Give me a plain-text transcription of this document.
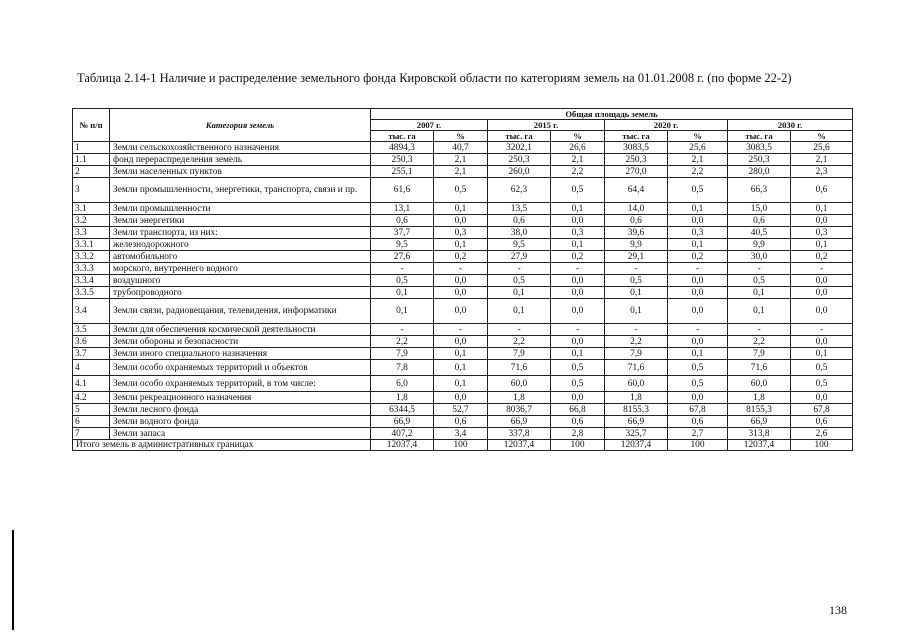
Таблица 2.14-1 Наличие и распределение земельного фонда Кировской области по категориям земель на 01.01.2008 г. (по форме 22-2)
№ п/п	Категория земель	Общая площадь земель							
		2007 г.		2015 г.		2020 г.		2030 г.	
		тыс. га	%	тыс. га	%	тыс. га	%	тыс. га	%
1	Земли сельскохозяйственного назначения	4894,3	40,7	3202,1	26,6	3083,5	25,6	3083,5	25,6
1.1	фонд перераспределения земель	250,3	2,1	250,3	2,1	250,3	2,1	250,3	2,1
2	Земли населенных пунктов	255,1	2,1	260,0	2,2	270,0	2,2	280,0	2,3
3	Земли промышленности, энергетики, транспорта, связи и пр.	61,6	0,5	62,3	0,5	64,4	0,5	66,3	0,6
3.1	Земли промышленности	13,1	0,1	13,5	0,1	14,0	0,1	15,0	0,1
3.2	Земли энергетики	0,6	0,0	0,6	0,0	0,6	0,0	0,6	0,0
3.3	Земли транспорта, из них:	37,7	0,3	38,0	0,3	39,6	0,3	40,5	0,3
3.3.1	железнодорожного	9,5	0,1	9,5	0,1	9,9	0,1	9,9	0,1
3.3.2	автомобильного	27,6	0,2	27,9	0,2	29,1	0,2	30,0	0,2
3.3.3	морского, внутреннего водного	-	-	-	-	-	-	-	-
3.3.4	воздушного	0,5	0,0	0,5	0,0	0,5	0,0	0,5	0,0
3.3.5	трубопроводного	0,1	0,0	0,1	0,0	0,1	0,0	0,1	0,0
3.4	Земли связи, радиовещания, телевидения, информатики	0,1	0,0	0,1	0,0	0,1	0,0	0,1	0,0
3.5	Земли для обеспечения космической деятельности	-	-	-	-	-	-	-	-
3.6	Земли обороны и безопасности	2,2	0,0	2,2	0,0	2,2	0,0	2,2	0,0
3.7	Земли иного специального назначения	7,9	0,1	7,9	0,1	7,9	0,1	7,9	0,1
4	Земли особо охраняемых территорий и объектов	7,8	0,1	71,6	0,5	71,6	0,5	71,6	0,5
4.1	Земли особо охраняемых территорий, в том числе:	6,0	0,1	60,0	0,5	60,0	0,5	60,0	0,5
4.2	Земли рекреационного назначения	1,8	0,0	1,8	0,0	1,8	0,0	1,8	0,0
5	Земли лесного фонда	6344,5	52,7	8036,7	66,8	8155,3	67,8	8155,3	67,8
6	Земли водного фонда	66,9	0,6	66,9	0,6	66,9	0,6	66,9	0,6
7	Земли запаса	407,2	3,4	337,8	2,8	325,7	2,7	313,8	2,6
Итого земель в административных границах		12037,4	100	12037,4	100	12037,4	100	12037,4	100
138
